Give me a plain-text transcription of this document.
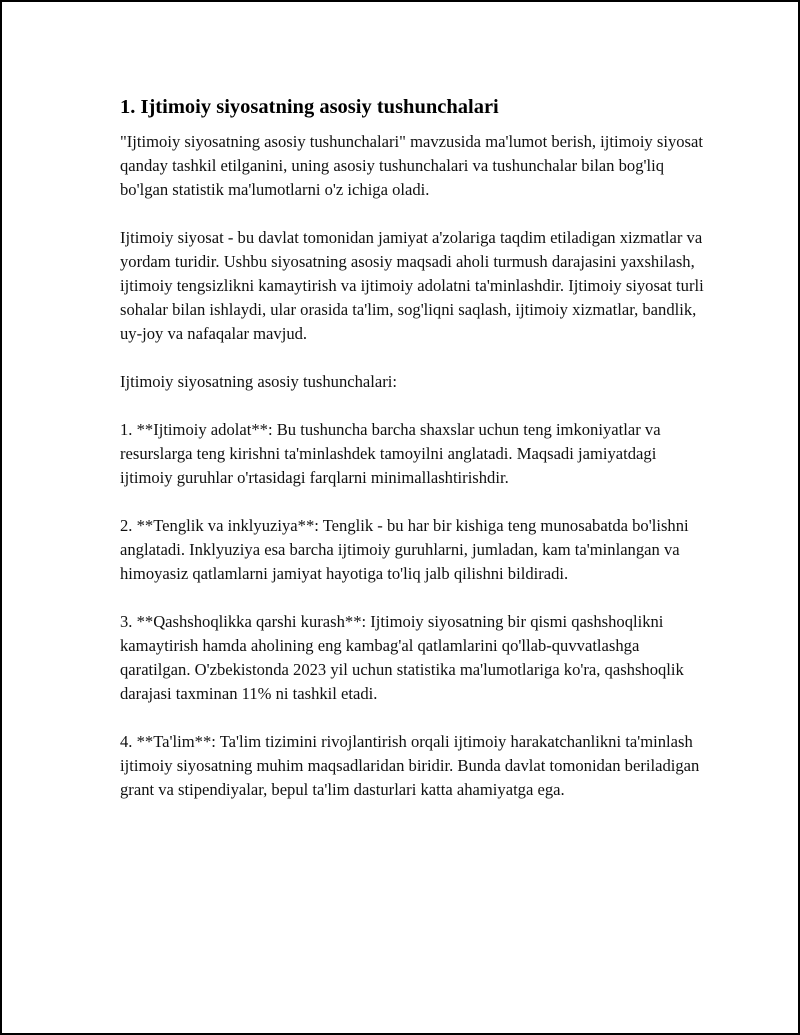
1. Ijtimoiy siyosatning asosiy tushunchalari

"Ijtimoiy siyosatning asosiy tushunchalari" mavzusida ma'lumot berish, ijtimoiy siyosat qanday tashkil etilganini, uning asosiy tushunchalari va tushunchalar bilan bog'liq bo'lgan statistik ma'lumotlarni o'z ichiga oladi.

Ijtimoiy siyosat - bu davlat tomonidan jamiyat a'zolariga taqdim etiladigan xizmatlar va yordam turidir. Ushbu siyosatning asosiy maqsadi aholi turmush darajasini yaxshilash, ijtimoiy tengsizlikni kamaytirish va ijtimoiy adolatni ta'minlashdir. Ijtimoiy siyosat turli sohalar bilan ishlaydi, ular orasida ta'lim, sog'liqni saqlash, ijtimoiy xizmatlar, bandlik, uy-joy va nafaqalar mavjud.

Ijtimoiy siyosatning asosiy tushunchalari:

1. **Ijtimoiy adolat**: Bu tushuncha barcha shaxslar uchun teng imkoniyatlar va resurslarga teng kirishni ta'minlashdek tamoyilni anglatadi. Maqsadi jamiyatdagi ijtimoiy guruhlar o'rtasidagi farqlarni minimallashtirishdir.

2. **Tenglik va inklyuziya**: Tenglik - bu har bir kishiga teng munosabatda bo'lishni anglatadi. Inklyuziya esa barcha ijtimoiy guruhlarni, jumladan, kam ta'minlangan va himoyasiz qatlamlarni jamiyat hayotiga to'liq jalb qilishni bildiradi.

3. **Qashshoqlikka qarshi kurash**: Ijtimoiy siyosatning bir qismi qashshoqlikni kamaytirish hamda aholining eng kambag'al qatlamlarini qo'llab-quvvatlashga qaratilgan. O'zbekistonda 2023 yil uchun statistika ma'lumotlariga ko'ra, qashshoqlik darajasi taxminan 11% ni tashkil etadi.

4. **Ta'lim**: Ta'lim tizimini rivojlantirish orqali ijtimoiy harakatchanlikni ta'minlash ijtimoiy siyosatning muhim maqsadlaridan biridir. Bunda davlat tomonidan beriladigan grant va stipendiyalar, bepul ta'lim dasturlari katta ahamiyatga ega.
